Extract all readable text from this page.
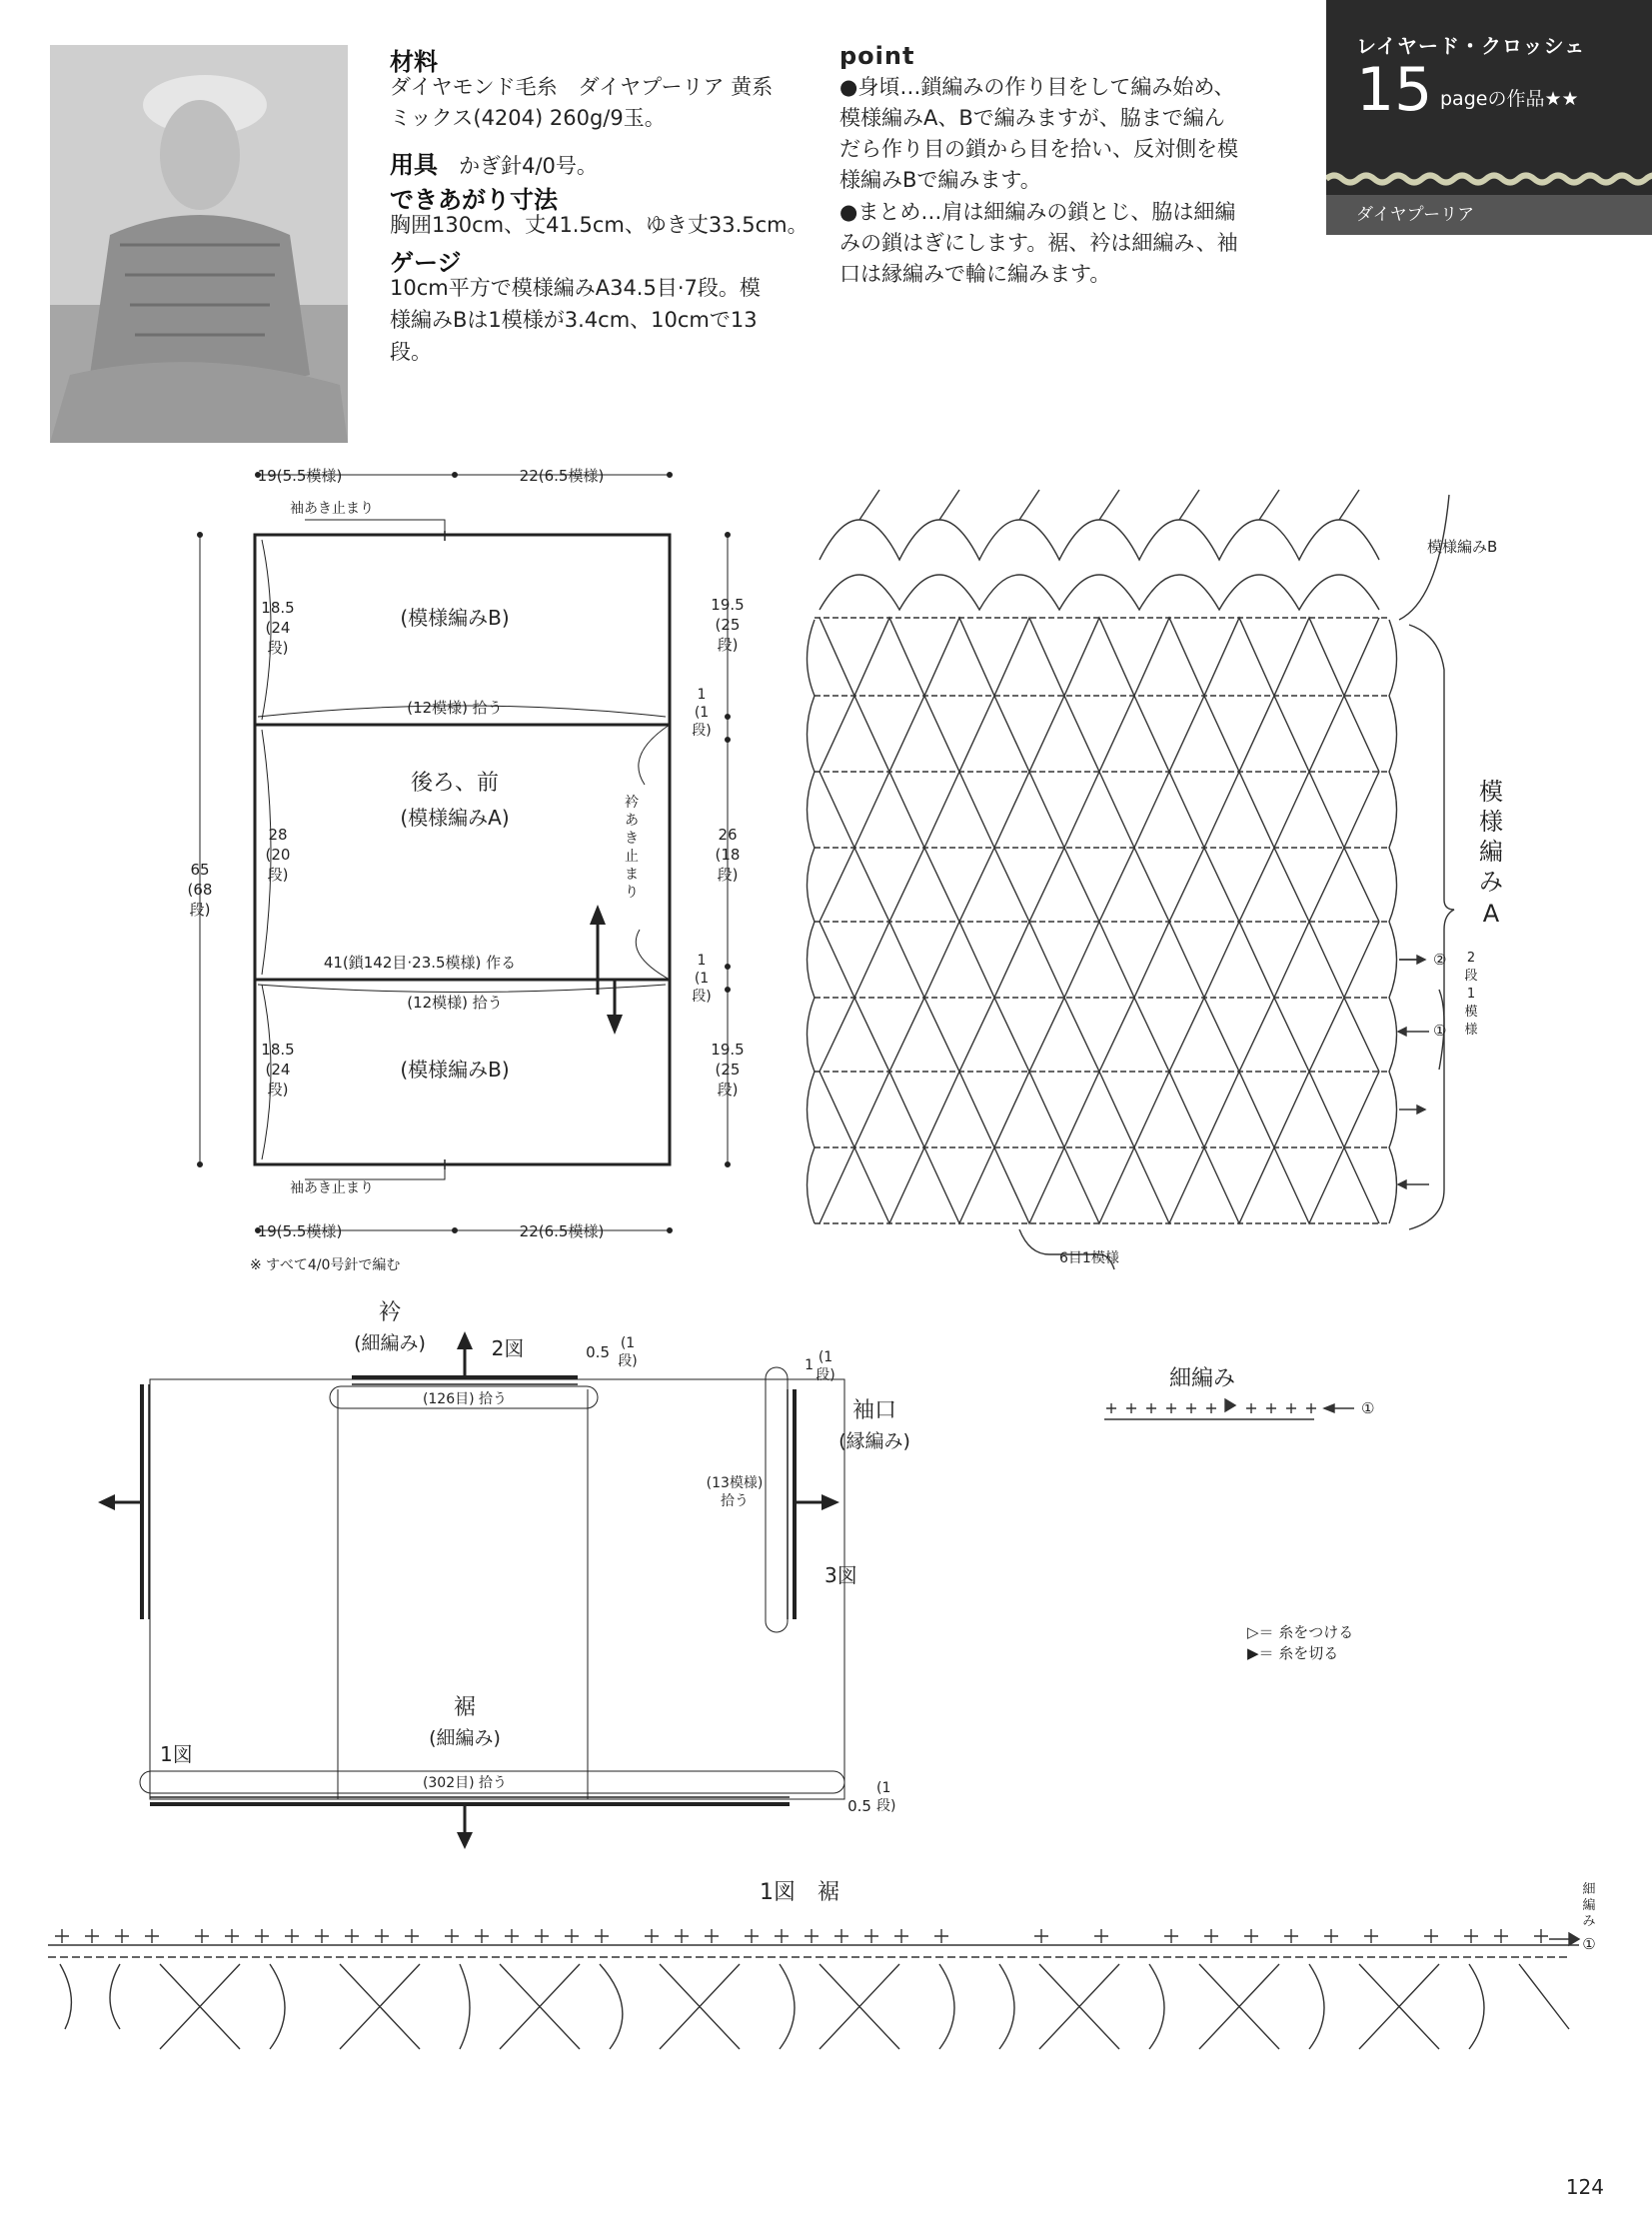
材料
ダイヤモンド毛糸　ダイヤプーリア 黄系
ミックス(4204) 260g/9玉。
用具 かぎ針4/0号。
できあがり寸法
胸囲130cm、丈41.5cm、ゆき丈33.5cm。
ゲージ
10cm平方で模様編みA34.5目·7段。模
様編みBは1模様が3.4cm、10cmで13
段。
point
●身頃…鎖編みの作り目をして編み始め、
模様編みA、Bで編みますが、脇まで編ん
だら作り目の鎖から目を拾い、反対側を模
様編みBで編みます。
●まとめ…肩は細編みの鎖とじ、脇は細編
みの鎖はぎにします。裾、衿は細編み、袖
口は縁編みで輪に編みます。
レイヤード・クロッシェ
15 pageの作品★★
ダイヤプーリア
19(5.5模様)	22(6.5模様)
19(5.5模様)	22(6.5模様)
袖あき止まり
袖あき止まり
(模様編みB)
後ろ、前
(模様編みA)
(模様編みB)
(12模様) 拾う
(12模様) 拾う
41(鎖142目·23.5模様) 作る
65
(68
段)
18.5
(24
段)
28
(20
段)
18.5
(24
段)
19.5
(25
段)
1
(1
段)
26
(18
段)
1
(1
段)
19.5
(25
段)
衿
あ
き
止
ま
り
※ すべて4/0号針で編む
模様編みB
模
様
編
み
A
②
①
2
段
1
模
様
6目1模様
衿
(細編み)	2図	0.5 (1
段)
(126目) 拾う
1 (1
段)
袖口
(縁編み)
(13模様)
拾う
3図
裾
(細編み)
1図
(302目) 拾う
0.5
(1
段)
細編み
①
▷＝ 糸をつける
▶＝ 糸を切る
1図　裾	細
編
み
①
124
